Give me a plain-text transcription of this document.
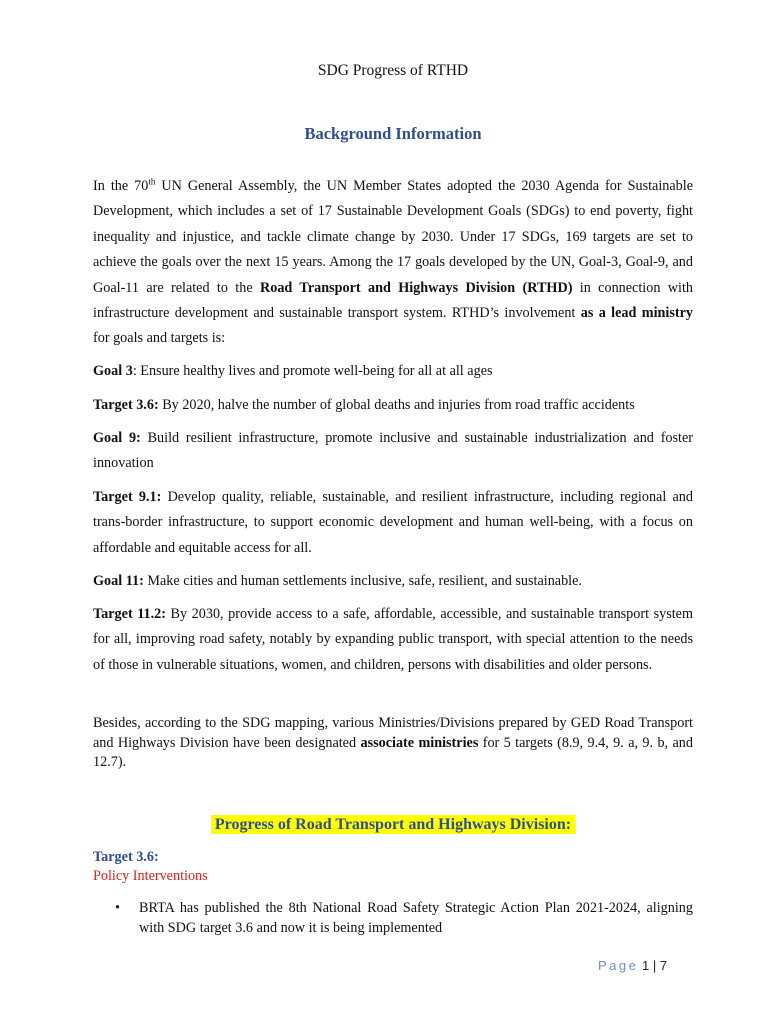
SDG Progress of RTHD
Background Information

In the 70th UN General Assembly, the UN Member States adopted the 2030 Agenda for Sustainable Development, which includes a set of 17 Sustainable Development Goals (SDGs) to end poverty, fight inequality and injustice, and tackle climate change by 2030. Under 17 SDGs, 169 targets are set to achieve the goals over the next 15 years. Among the 17 goals developed by the UN, Goal-3, Goal-9, and Goal-11 are related to the Road Transport and Highways Division (RTHD) in connection with infrastructure development and sustainable transport system. RTHD’s involvement as a lead ministry for goals and targets is:

Goal 3: Ensure healthy lives and promote well-being for all at all ages

Target 3.6: By 2020, halve the number of global deaths and injuries from road traffic accidents

Goal 9: Build resilient infrastructure, promote inclusive and sustainable industrialization and foster innovation

Target 9.1: Develop quality, reliable, sustainable, and resilient infrastructure, including regional and trans-border infrastructure, to support economic development and human well-being, with a focus on affordable and equitable access for all.

Goal 11: Make cities and human settlements inclusive, safe, resilient, and sustainable.

Target 11.2: By 2030, provide access to a safe, affordable, accessible, and sustainable transport system for all, improving road safety, notably by expanding public transport, with special attention to the needs of those in vulnerable situations, women, and children, persons with disabilities and older persons.

Besides, according to the SDG mapping, various Ministries/Divisions prepared by GED Road Transport and Highways Division have been designated associate ministries for 5 targets (8.9, 9.4, 9. a, 9. b, and 12.7).

Progress of Road Transport and Highways Division:
Target 3.6:
Policy Interventions
• BRTA has published the 8th National Road Safety Strategic Action Plan 2021-2024, aligning with SDG target 3.6 and now it is being implemented
Page 1 | 7
